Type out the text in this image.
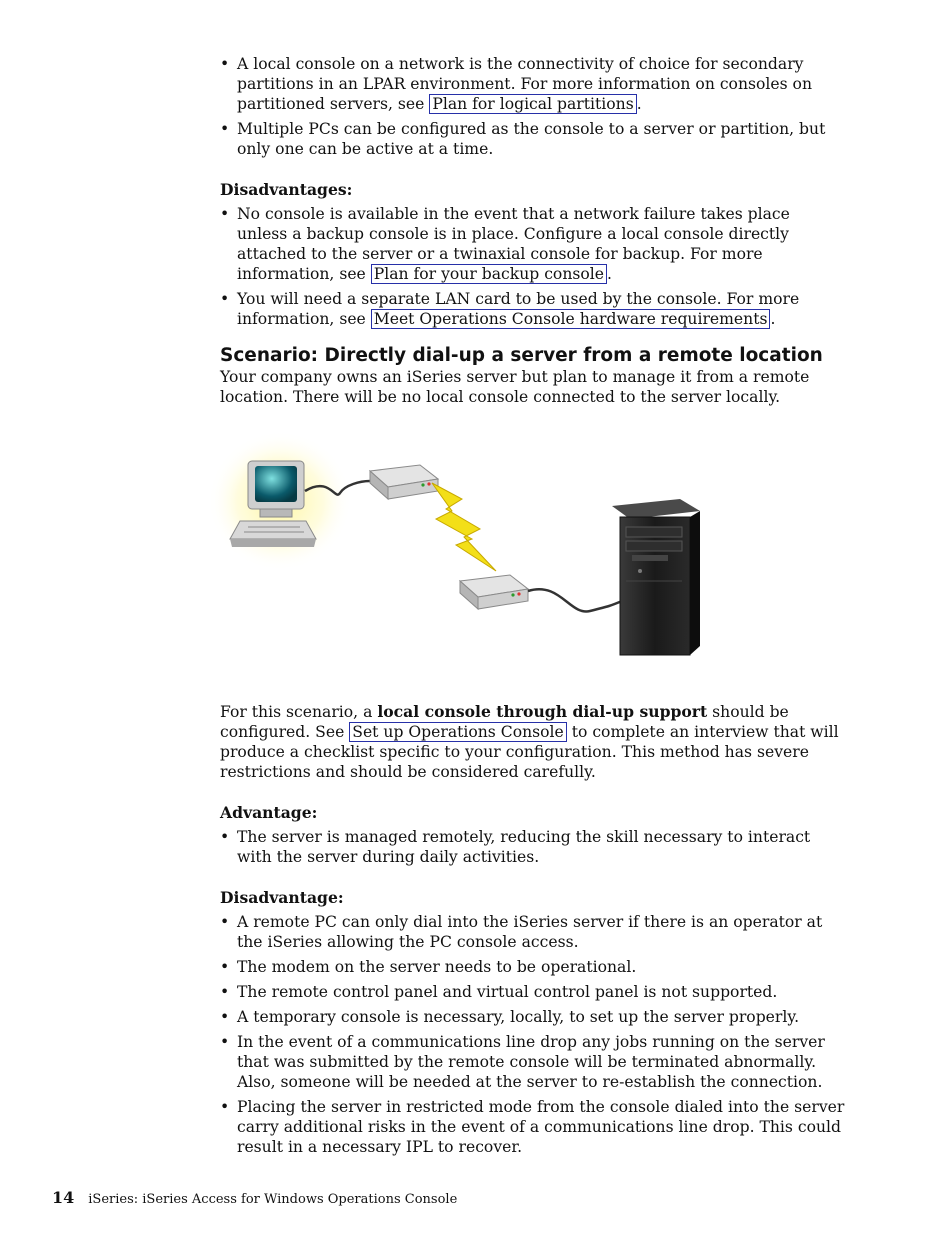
• A local console on a network is the connectivity of choice for secondary partitions in an LPAR environment. For more information on consoles on partitioned servers, see Plan for logical partitions .
• Multiple PCs can be configured as the console to a server or partition, but only one can be active at a time.
Disadvantages:
• No console is available in the event that a network failure takes place unless a backup console is in place. Configure a local console directly attached to the server or a twinaxial console for backup. For more information, see Plan for your backup console .
• You will need a separate LAN card to be used by the console. For more information, see Meet Operations Console hardware requirements .
Scenario: Directly dial-up a server from a remote location

Your company owns an iSeries server but plan to manage it from a remote location. There will be no local console connected to the server locally.

For this scenario, a local console through dial-up support should be configured. See Set up Operations Console to complete an interview that will produce a checklist specific to your configuration. This method has severe restrictions and should be considered carefully.

Advantage:
• The server is managed remotely, reducing the skill necessary to interact with the server during daily activities.
Disadvantage:
• A remote PC can only dial into the iSeries server if there is an operator at the iSeries allowing the PC console access.
• The modem on the server needs to be operational.
• The remote control panel and virtual control panel is not supported.
• A temporary console is necessary, locally, to set up the server properly.
• In the event of a communications line drop any jobs running on the server that was submitted by the remote console will be terminated abnormally. Also, someone will be needed at the server to re-establish the connection.
• Placing the server in restricted mode from the console dialed into the server carry additional risks in the event of a communications line drop. This could result in a necessary IPL to recover.
14 iSeries: iSeries Access for Windows Operations Console
